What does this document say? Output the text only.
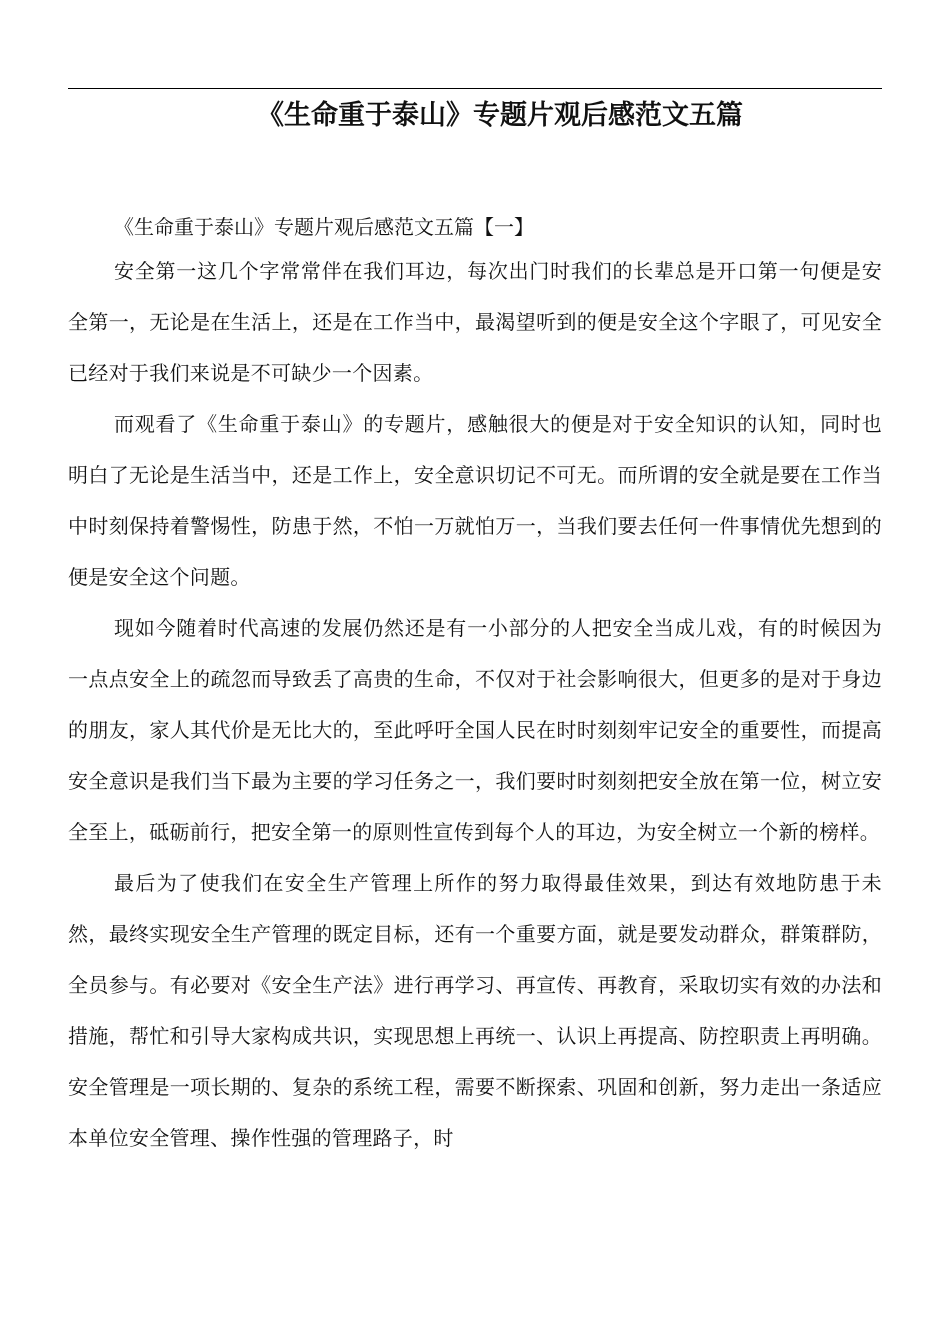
《生命重于泰山》专题片观后感范文五篇

《生命重于泰山》专题片观后感范文五篇【一】

安全第一这几个字常常伴在我们耳边，每次出门时我们的长辈总是开口第一句便是安全第一，无论是在生活上，还是在工作当中，最渴望听到的便是安全这个字眼了，可见安全已经对于我们来说是不可缺少一个因素。

而观看了《生命重于泰山》的专题片，感触很大的便是对于安全知识的认知，同时也明白了无论是生活当中，还是工作上，安全意识切记不可无。而所谓的安全就是要在工作当中时刻保持着警惕性，防患于然，不怕一万就怕万一，当我们要去任何一件事情优先想到的便是安全这个问题。

现如今随着时代高速的发展仍然还是有一小部分的人把安全当成儿戏，有的时候因为一点点安全上的疏忽而导致丢了高贵的生命，不仅对于社会影响很大，但更多的是对于身边的朋友，家人其代价是无比大的，至此呼吁全国人民在时时刻刻牢记安全的重要性，而提高安全意识是我们当下最为主要的学习任务之一，我们要时时刻刻把安全放在第一位，树立安全至上，砥砺前行，把安全第一的原则性宣传到每个人的耳边，为安全树立一个新的榜样。

最后为了使我们在安全生产管理上所作的努力取得最佳效果，到达有效地防患于未然，最终实现安全生产管理的既定目标，还有一个重要方面，就是要发动群众，群策群防，全员参与。有必要对《安全生产法》进行再学习、再宣传、再教育，采取切实有效的办法和措施，帮忙和引导大家构成共识，实现思想上再统一、认识上再提高、防控职责上再明确。安全管理是一项长期的、复杂的系统工程，需要不断探索、巩固和创新，努力走出一条适应本单位安全管理、操作性强的管理路子，时
